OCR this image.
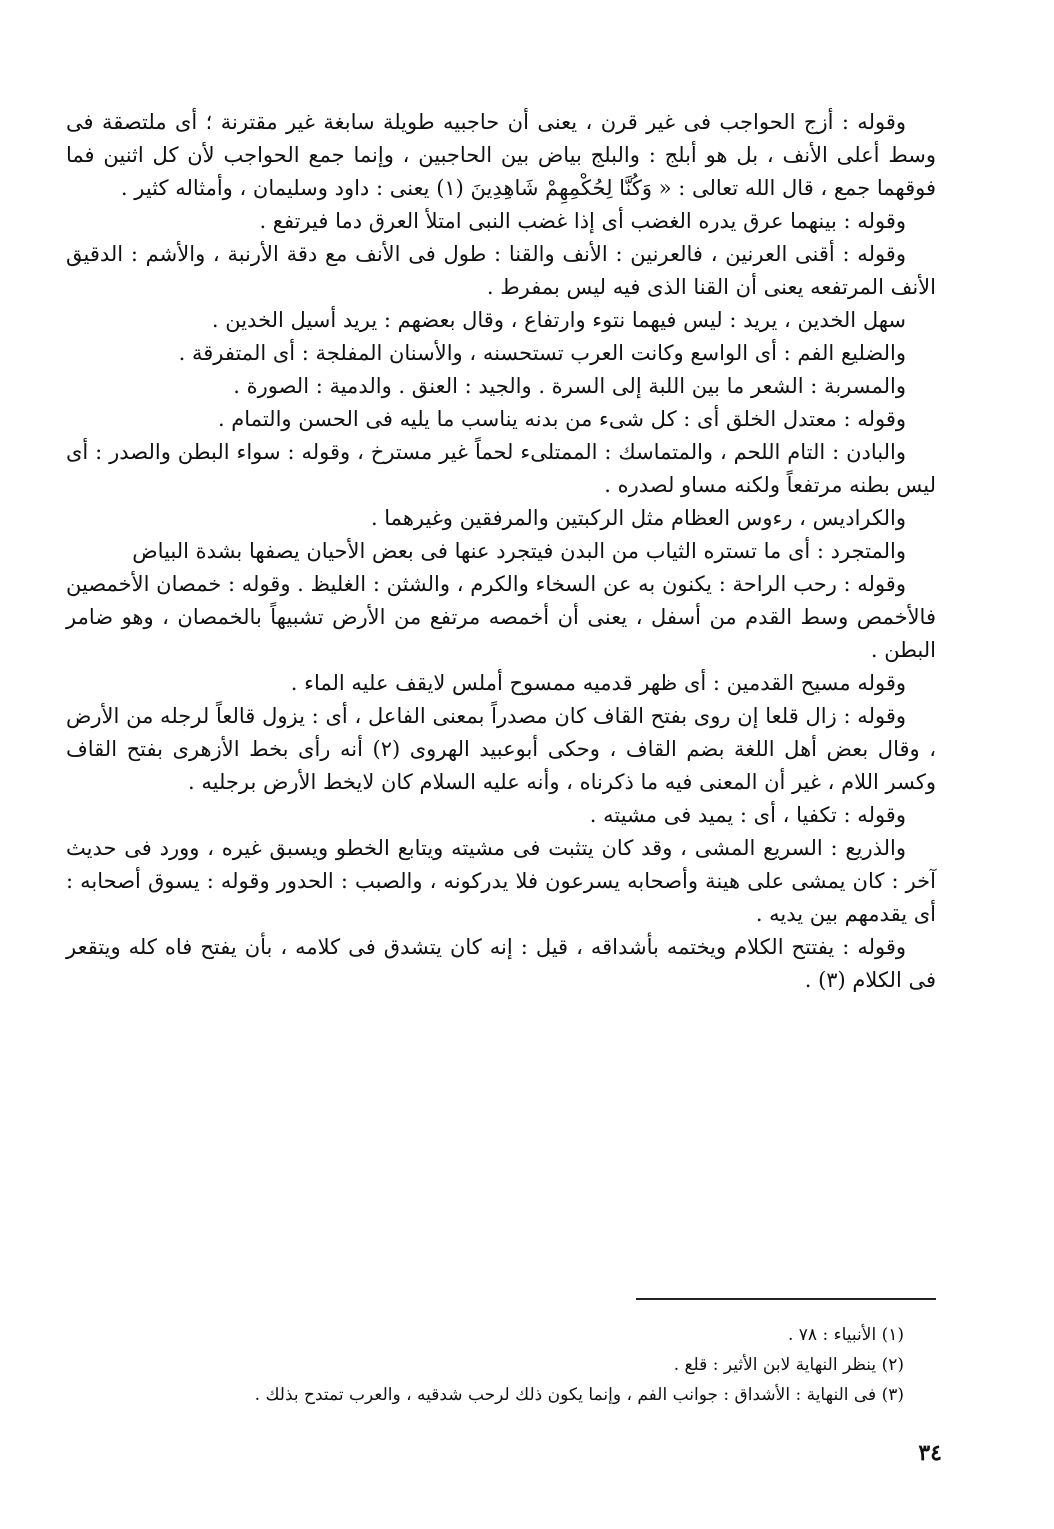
وقوله : أزج الحواجب فى غير قرن ، يعنى أن حاجبيه طويلة سابغة غير مقترنة ؛ أى ملتصقة فى وسط أعلى الأنف ، بل هو أبلج : والبلج بياض بين الحاجبين ، وإنما جمع الحواجب لأن كل اثنين فما فوقهما جمع ، قال الله تعالى : « وَكُنَّا لِحُكْمِهِمْ شَاهِدِينَ (١) يعنى : داود وسليمان ، وأمثاله كثير .

وقوله : بينهما عرق يدره الغضب أى إذا غضب النبى امتلأ العرق دما فيرتفع .

وقوله : أقنى العرنين ، فالعرنين : الأنف والقنا : طول فى الأنف مع دقة الأرنبة ، والأشم : الدقيق الأنف المرتفعه يعنى أن القنا الذى فيه ليس بمفرط .

سهل الخدين ، يريد : ليس فيهما نتوء وارتفاع ، وقال بعضهم : يريد أسيل الخدين .

والضليع الفم : أى الواسع وكانت العرب تستحسنه ، والأسنان المفلجة : أى المتفرقة .

والمسربة : الشعر ما بين اللبة إلى السرة . والجيد : العنق . والدمية : الصورة .

وقوله : معتدل الخلق أى : كل شىء من بدنه يناسب ما يليه فى الحسن والتمام .

والبادن : التام اللحم ، والمتماسك : الممتلىء لحماً غير مسترخ ، وقوله : سواء البطن والصدر : أى ليس بطنه مرتفعاً ولكنه مساو لصدره .

والكراديس ، رءوس العظام مثل الركبتين والمرفقين وغيرهما .

والمتجرد : أى ما تستره الثياب من البدن فيتجرد عنها فى بعض الأحيان يصفها بشدة البياض

وقوله : رحب الراحة : يكنون به عن السخاء والكرم ، والشثن : الغليظ . وقوله : خمصان الأخمصين فالأخمص وسط القدم من أسفل ، يعنى أن أخمصه مرتفع من الأرض تشبيهاً بالخمصان ، وهو ضامر البطن .

وقوله مسيح القدمين : أى ظهر قدميه ممسوح أملس لايقف عليه الماء .

وقوله : زال قلعا إن روى بفتح القاف كان مصدراً بمعنى الفاعل ، أى : يزول قالعاً لرجله من الأرض ، وقال بعض أهل اللغة بضم القاف ، وحكى أبوعبيد الهروى (٢) أنه رأى بخط الأزهرى بفتح القاف وكسر اللام ، غير أن المعنى فيه ما ذكرناه ، وأنه عليه السلام كان لايخط الأرض برجليه .

وقوله : تكفيا ، أى : يميد فى مشيته .

والذريع : السريع المشى ، وقد كان يتثبت فى مشيته ويتابع الخطو ويسبق غيره ، وورد فى حديث آخر : كان يمشى على هينة وأصحابه يسرعون فلا يدركونه ، والصبب : الحدور وقوله : يسوق أصحابه : أى يقدمهم بين يديه .

وقوله : يفتتح الكلام ويختمه بأشداقه ، قيل : إنه كان يتشدق فى كلامه ، بأن يفتح فاه كله ويتقعر فى الكلام (٣) .

(١) الأنبياء : ٧٨ .

(٢) ينظر النهاية لابن الأثير : قلع .

(٣) فى النهاية : الأشداق : جوانب الفم ، وإنما يكون ذلك لرحب شدقيه ، والعرب تمتدح بذلك .

٣٤
